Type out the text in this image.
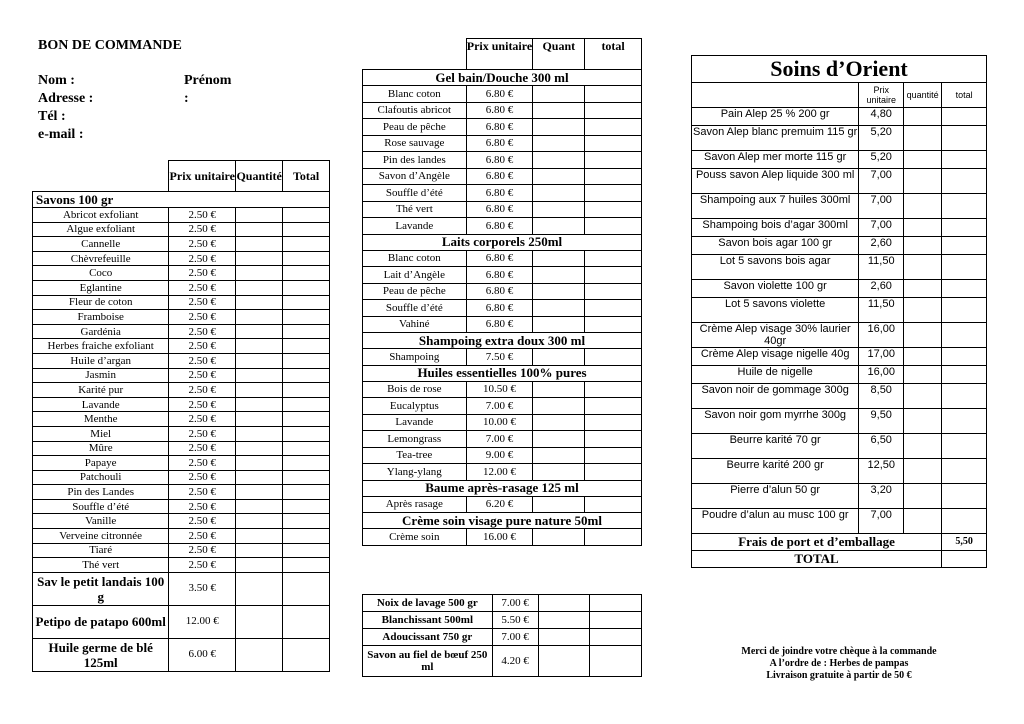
BON DE COMMANDE
Nom :	Prénom :
Adresse :
Tél :
e-mail :
	Prix unitaire	Quantité	Total
Savons 100 gr			
Abricot exfoliant	2.50 €		
Algue exfoliant	2.50 €		
Cannelle	2.50 €		
Chèvrefeuille	2.50 €		
Coco	2.50 €		
Eglantine	2.50 €		
Fleur de coton	2.50 €		
Framboise	2.50 €		
Gardénia	2.50 €		
Herbes fraiche exfoliant	2.50 €		
Huile d’argan	2.50 €		
Jasmin	2.50 €		
Karité pur	2.50 €		
Lavande	2.50 €		
Menthe	2.50 €		
Miel	2.50 €		
Mûre	2.50 €		
Papaye	2.50 €		
Patchouli	2.50 €		
Pin des Landes	2.50 €		
Souffle d’été	2.50 €		
Vanille	2.50 €		
Verveine citronnée	2.50 €		
Tiaré	2.50 €		
Thé vert	2.50 €		
Sav le petit landais 100 g	3.50 €		
Petipo de patapo 600ml	12.00 €		
Huile germe de blé 125ml	6.00 €		
	Prix unitaire	Quant	total
Gel bain/Douche 300 ml			
Blanc coton	6.80 €		
Clafoutis abricot	6.80 €		
Peau de pêche	6.80 €		
Rose sauvage	6.80 €		
Pin des landes	6.80 €		
Savon d’Angèle	6.80 €		
Souffle d’été	6.80 €		
Thé vert	6.80 €		
Lavande	6.80 €		
Laits corporels 250ml			
Blanc coton	6.80 €		
Lait d’Angèle	6.80 €		
Peau de pêche	6.80 €		
Souffle d’été	6.80 €		
Vahiné	6.80 €		
Shampoing extra doux 300 ml			
Shampoing	7.50 €		
Huiles essentielles 100% pures			
Bois de rose	10.50 €		
Eucalyptus	7.00 €		
Lavande	10.00 €		
Lemongrass	7.00 €		
Tea-tree	9.00 €		
Ylang-ylang	12.00 €		
Baume après-rasage 125 ml			
Après rasage	6.20 €		
Crème soin visage pure nature 50ml			
Crème soin	16.00 €		
Noix de lavage 500 gr	7.00 €		
Blanchissant 500ml	5.50 €		
Adoucissant 750 gr	7.00 €		
Savon au fiel de bœuf 250 ml	4.20 €		
Soins d’Orient			
	Prix unitaire	quantité	total
Pain Alep 25 % 200 gr	4,80		
Savon Alep blanc premuim 115 gr	5,20		
Savon Alep mer morte 115 gr	5,20		
Pouss savon Alep liquide 300 ml	7,00		
Shampoing aux 7 huiles 300ml	7,00		
Shampoing bois d’agar 300ml	7,00		
Savon bois agar 100 gr	2,60		
Lot 5 savons bois agar	11,50		
Savon violette 100 gr	2,60		
Lot 5 savons violette	11,50		
Crème Alep visage 30% laurier 40gr	16,00		
Crème Alep visage nigelle 40g	17,00		
Huile de nigelle	16,00		
Savon noir de gommage 300g	8,50		
Savon noir gom myrrhe 300g	9,50		
Beurre karité 70 gr	6,50		
Beurre karité 200 gr	12,50		
Pierre d’alun 50 gr	3,20		
Poudre d’alun au musc 100 gr	7,00		
Frais de port et d’emballage			5,50
TOTAL			
Merci de joindre votre chèque à la commande
A l’ordre de : Herbes de pampas
Livraison gratuite à partir de 50 €
